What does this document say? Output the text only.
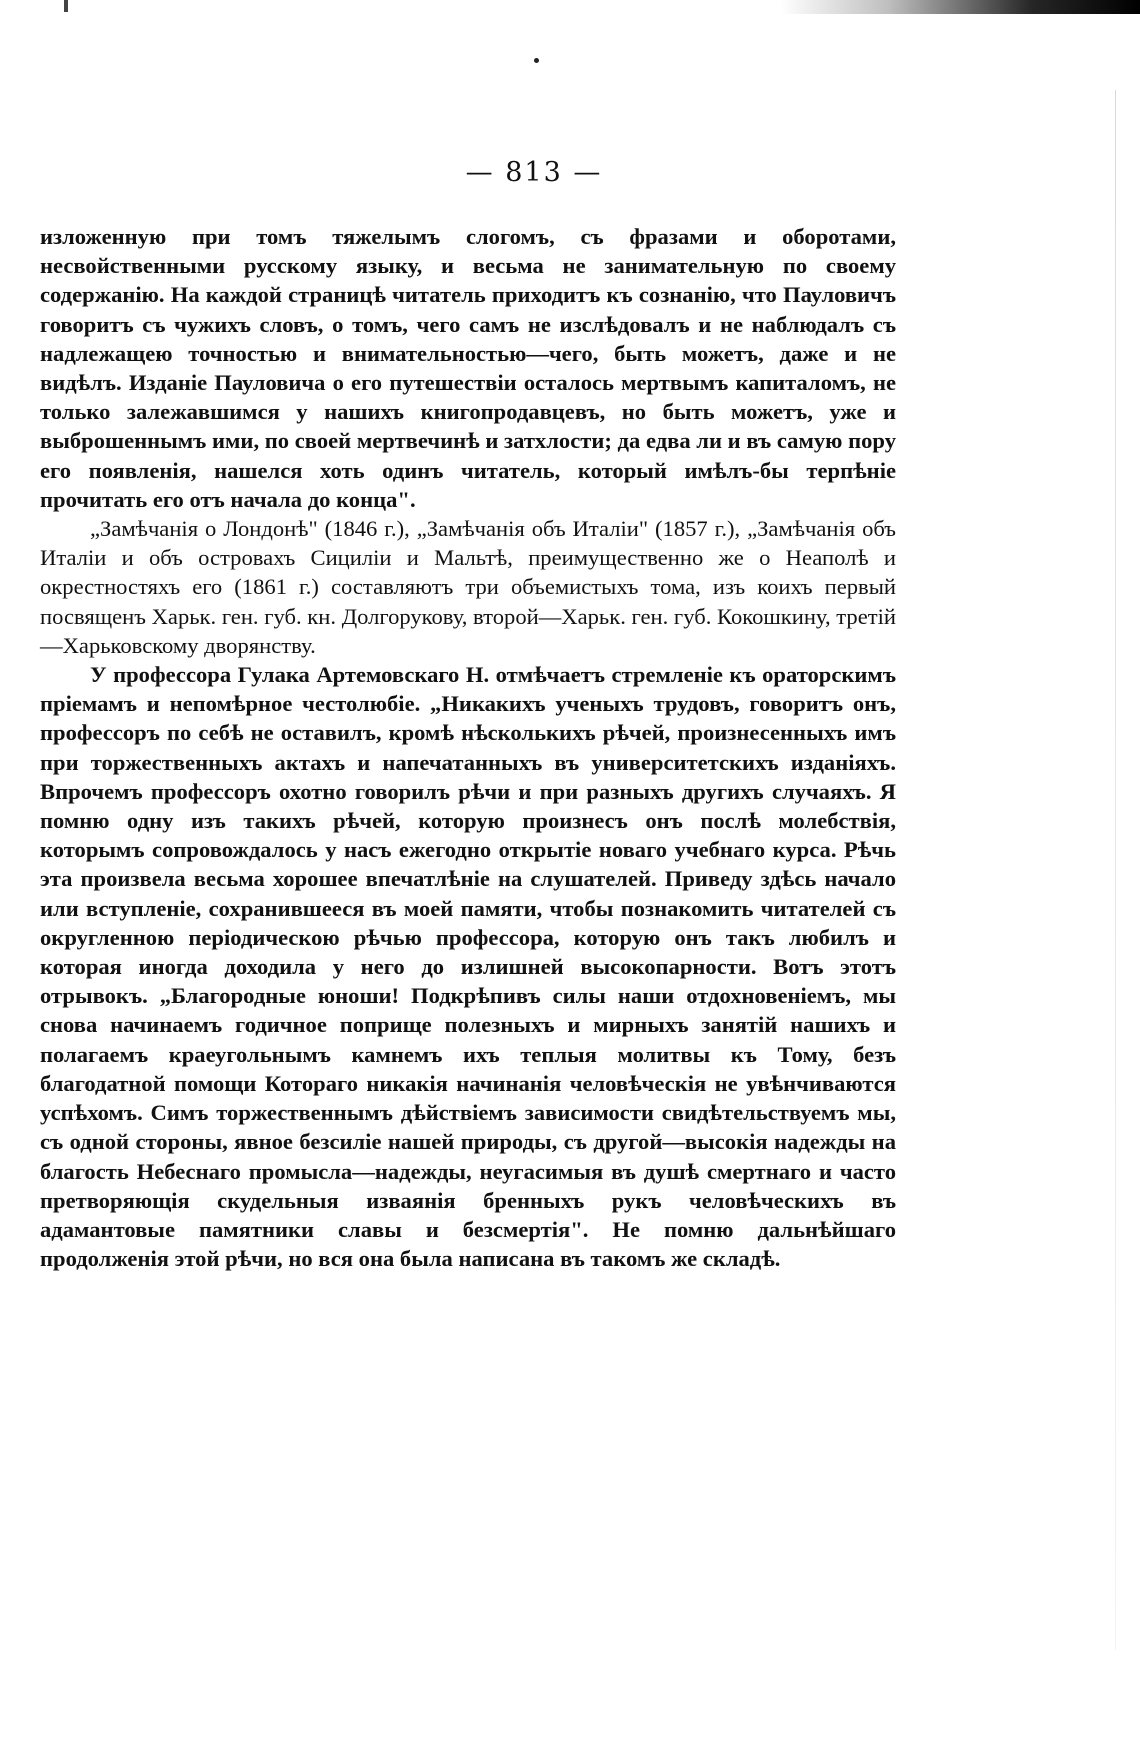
— 813 —

изложенную при томъ тяжелымъ слогомъ, съ фразами и оборотами, несвойственными русскому языку, и весьма не занимательную по своему содержанію. На каждой страницѣ читатель приходитъ къ сознанію, что Пауловичъ говоритъ съ чужихъ словъ, о томъ, чего самъ не изслѣдовалъ и не наблюдалъ съ надлежащею точностью и внимательностью—чего, быть можетъ, даже и не видѣлъ. Изданіе Пауловича о его путешествіи осталось мертвымъ капиталомъ, не только залежавшимся у нашихъ книгопродавцевъ, но быть можетъ, уже и выброшеннымъ ими, по своей мертвечинѣ и затхлости; да едва ли и въ самую пору его появленія, нашелся хоть одинъ читатель, который имѣлъ-бы терпѣніе прочитать его отъ начала до конца".

„Замѣчанія о Лондонѣ" (1846 г.), „Замѣчанія объ Италіи" (1857 г.), „Замѣчанія объ Италіи и объ островахъ Сициліи и Мальтѣ, преимущественно же о Неаполѣ и окрестностяхъ его (1861 г.) составляютъ три объемистыхъ тома, изъ коихъ первый посвященъ Харьк. ген. губ. кн. Долгорукову, второй—Харьк. ген. губ. Кокошкину, третій—Харьковскому дворянству.

У профессора Гулака Артемовскаго Н. отмѣчаетъ стремленіе къ ораторскимъ пріемамъ и непомѣрное честолюбіе. „Никакихъ ученыхъ трудовъ, говоритъ онъ, профессоръ по себѣ не оставилъ, кромѣ нѣсколькихъ рѣчей, произнесенныхъ имъ при торжественныхъ актахъ и напечатанныхъ въ университетскихъ изданіяхъ. Впрочемъ профессоръ охотно говорилъ рѣчи и при разныхъ другихъ случаяхъ. Я помню одну изъ такихъ рѣчей, которую произнесъ онъ послѣ молебствія, которымъ сопровождалось у насъ ежегодно открытіе новаго учебнаго курса. Рѣчь эта произвела весьма хорошее впечатлѣніе на слушателей. Приведу здѣсь начало или вступленіе, сохранившееся въ моей памяти, чтобы познакомить читателей съ округленною періодическою рѣчью профессора, которую онъ такъ любилъ и которая иногда доходила у него до излишней высокопарности. Вотъ этотъ отрывокъ. „Благородные юноши! Подкрѣпивъ силы наши отдохновеніемъ, мы снова начинаемъ годичное поприще полезныхъ и мирныхъ занятій нашихъ и полагаемъ краеугольнымъ камнемъ ихъ теплыя молитвы къ Тому, безъ благодатной помощи Котораго никакія начинанія человѣческія не увѣнчиваются успѣхомъ. Симъ торжественнымъ дѣйствіемъ зависимости свидѣтельствуемъ мы, съ одной стороны, явное безсиліе нашей природы, съ другой—высокія надежды на благость Небеснаго промысла—надежды, неугасимыя въ душѣ смертнаго и часто претворяющія скудельныя изваянія бренныхъ рукъ человѣческихъ въ адамантовые памятники славы и безсмертія". Не помню дальнѣйшаго продолженія этой рѣчи, но вся она была написана въ такомъ же складѣ.
